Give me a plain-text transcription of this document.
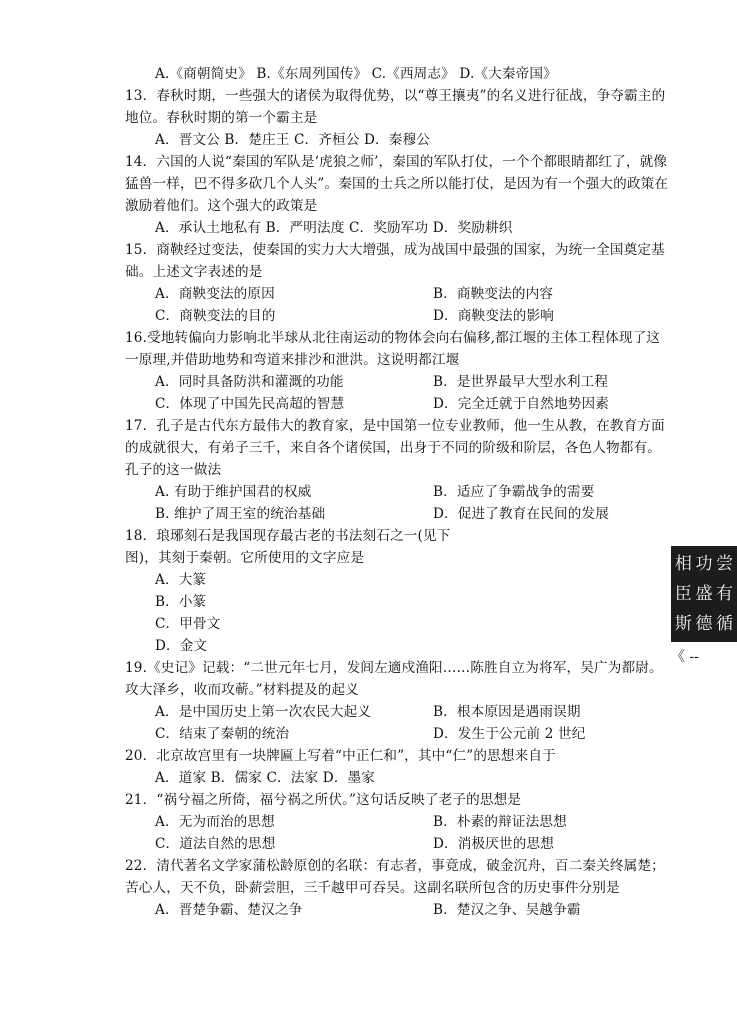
A.《商朝简史》 B.《东周列国传》 C.《西周志》 D.《大秦帝国》
13．春秋时期，一些强大的诸侯为取得优势，以“尊王攘夷”的名义进行征战，争夺霸主的
地位。春秋时期的第一个霸主是
A．晋文公 B．楚庄王 C．齐桓公 D．秦穆公
14．六国的人说“秦国的军队是‘虎狼之师’，秦国的军队打仗，一个个都眼睛都红了，就像
猛兽一样，巴不得多砍几个人头”。秦国的士兵之所以能打仗，是因为有一个强大的政策在
激励着他们。这个强大的政策是
A．承认土地私有 B．严明法度 C．奖励军功 D．奖励耕织
15．商鞅经过变法，使秦国的实力大大增强，成为战国中最强的国家，为统一全国奠定基
础。上述文字表述的是
A．商鞅变法的原因	B．商鞅变法的内容
C．商鞅变法的目的	D．商鞅变法的影响
16.受地转偏向力影响北半球从北往南运动的物体会向右偏移,都江堰的主体工程体现了这
一原理,并借助地势和弯道来排沙和泄洪。这说明都江堰
A．同时具备防洪和灌溉的功能	B．是世界最早大型水利工程
C．体现了中国先民高超的智慧	D．完全迁就于自然地势因素
17．孔子是古代东方最伟大的教育家，是中国第一位专业教师，他一生从教，在教育方面
的成就很大，有弟子三千，来自各个诸侯国，出身于不同的阶级和阶层，各色人物都有。
孔子的这一做法
A. 有助于维护国君的权威	B．适应了争霸战争的需要
B. 维护了周王室的统治基础	D．促进了教育在民间的发展
18．琅琊刻石是我国现存最古老的书法刻石之一(见下
图)，其刻于秦朝。它所使用的文字应是
A．大篆
B．小篆
C．甲骨文
D．金文
19.《史记》记载：“二世元年七月，发闾左適戍渔阳……陈胜自立为将军，吴广为都尉。
攻大泽乡，收而攻蕲。”材料提及的起义
A．是中国历史上第一次农民大起义	B．根本原因是遇雨误期
C．结束了秦朝的统治	D．发生于公元前 2 世纪
20．北京故宫里有一块牌匾上写着“中正仁和”，其中“仁”的思想来自于
A．道家 B．儒家 C．法家 D．墨家
21．“祸兮福之所倚，福兮祸之所伏。”这句话反映了老子的思想是
A．无为而治的思想	B．朴素的辩证法思想
C．道法自然的思想	D．消极厌世的思想
22．清代著名文学家蒲松龄原创的名联：有志者，事竟成，破金沉舟，百二秦关终属楚；
苦心人，天不负，卧薪尝胆，三千越甲可吞吴。这副名联所包含的历史事件分别是
A．晋楚争霸、楚汉之争	B．楚汉之争、吴越争霸
尝
有
循
功
盛
德
相
臣
斯
《 --
